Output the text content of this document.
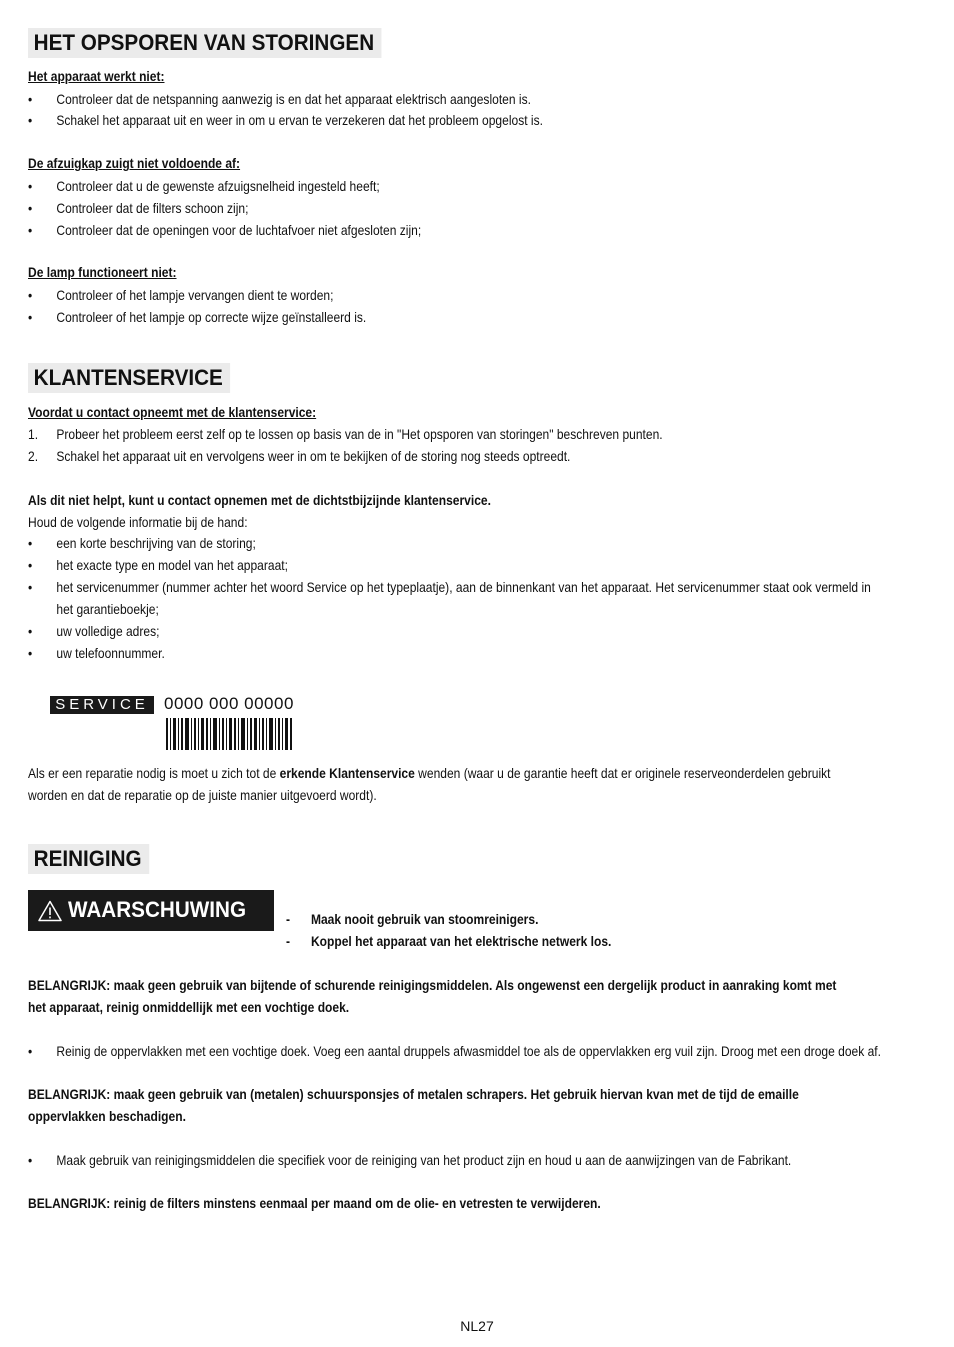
HET OPSPOREN VAN STORINGEN
Het apparaat werkt niet:
•	Controleer dat de netspanning aanwezig is en dat het apparaat elektrisch aangesloten is.
•	Schakel het apparaat uit en weer in om u ervan te verzekeren dat het probleem opgelost is.
De afzuigkap zuigt niet voldoende af:
•	Controleer dat u de gewenste afzuigsnelheid ingesteld heeft;
•	Controleer dat de filters schoon zijn;
•	Controleer dat de openingen voor de luchtafvoer niet afgesloten zijn;
De lamp functioneert niet:
•	Controleer of het lampje vervangen dient te worden;
•	Controleer of het lampje op correcte wijze geïnstalleerd is.
KLANTENSERVICE
Voordat u contact opneemt met de klantenservice:
1.	Probeer het probleem eerst zelf op te lossen op basis van de in "Het opsporen van storingen" beschreven punten.
2.	Schakel het apparaat uit en vervolgens weer in om te bekijken of de storing nog steeds optreedt.
Als dit niet helpt, kunt u contact opnemen met de dichtstbijzijnde klantenservice.
Houd de volgende informatie bij de hand:
•	een korte beschrijving van de storing;
•	het exacte type en model van het apparaat;
•	het servicenummer (nummer achter het woord Service op het typeplaatje), aan de binnenkant van het apparaat. Het servicenummer staat ook vermeld in
het garantieboekje;
•	uw volledige adres;
•	uw telefoonnummer.
SERVICE 0000 000 00000
Als er een reparatie nodig is moet u zich tot de erkende Klantenservice wenden (waar u de garantie heeft dat er originele reserveonderdelen gebruikt
worden en dat de reparatie op de juiste manier uitgevoerd wordt).
REINIGING
WAARSCHUWING	-	Maak nooit gebruik van stoomreinigers.
-	Koppel het apparaat van het elektrische netwerk los.
BELANGRIJK: maak geen gebruik van bijtende of schurende reinigingsmiddelen. Als ongewenst een dergelijk product in aanraking komt met
het apparaat, reinig onmiddellijk met een vochtige doek.
•	Reinig de oppervlakken met een vochtige doek. Voeg een aantal druppels afwasmiddel toe als de oppervlakken erg vuil zijn. Droog met een droge doek af.
BELANGRIJK: maak geen gebruik van (metalen) schuursponsjes of metalen schrapers. Het gebruik hiervan kvan met de tijd de emaille
oppervlakken beschadigen.
•	Maak gebruik van reinigingsmiddelen die specifiek voor de reiniging van het product zijn en houd u aan de aanwijzingen van de Fabrikant.
BELANGRIJK: reinig de filters minstens eenmaal per maand om de olie- en vetresten te verwijderen.
NL27
